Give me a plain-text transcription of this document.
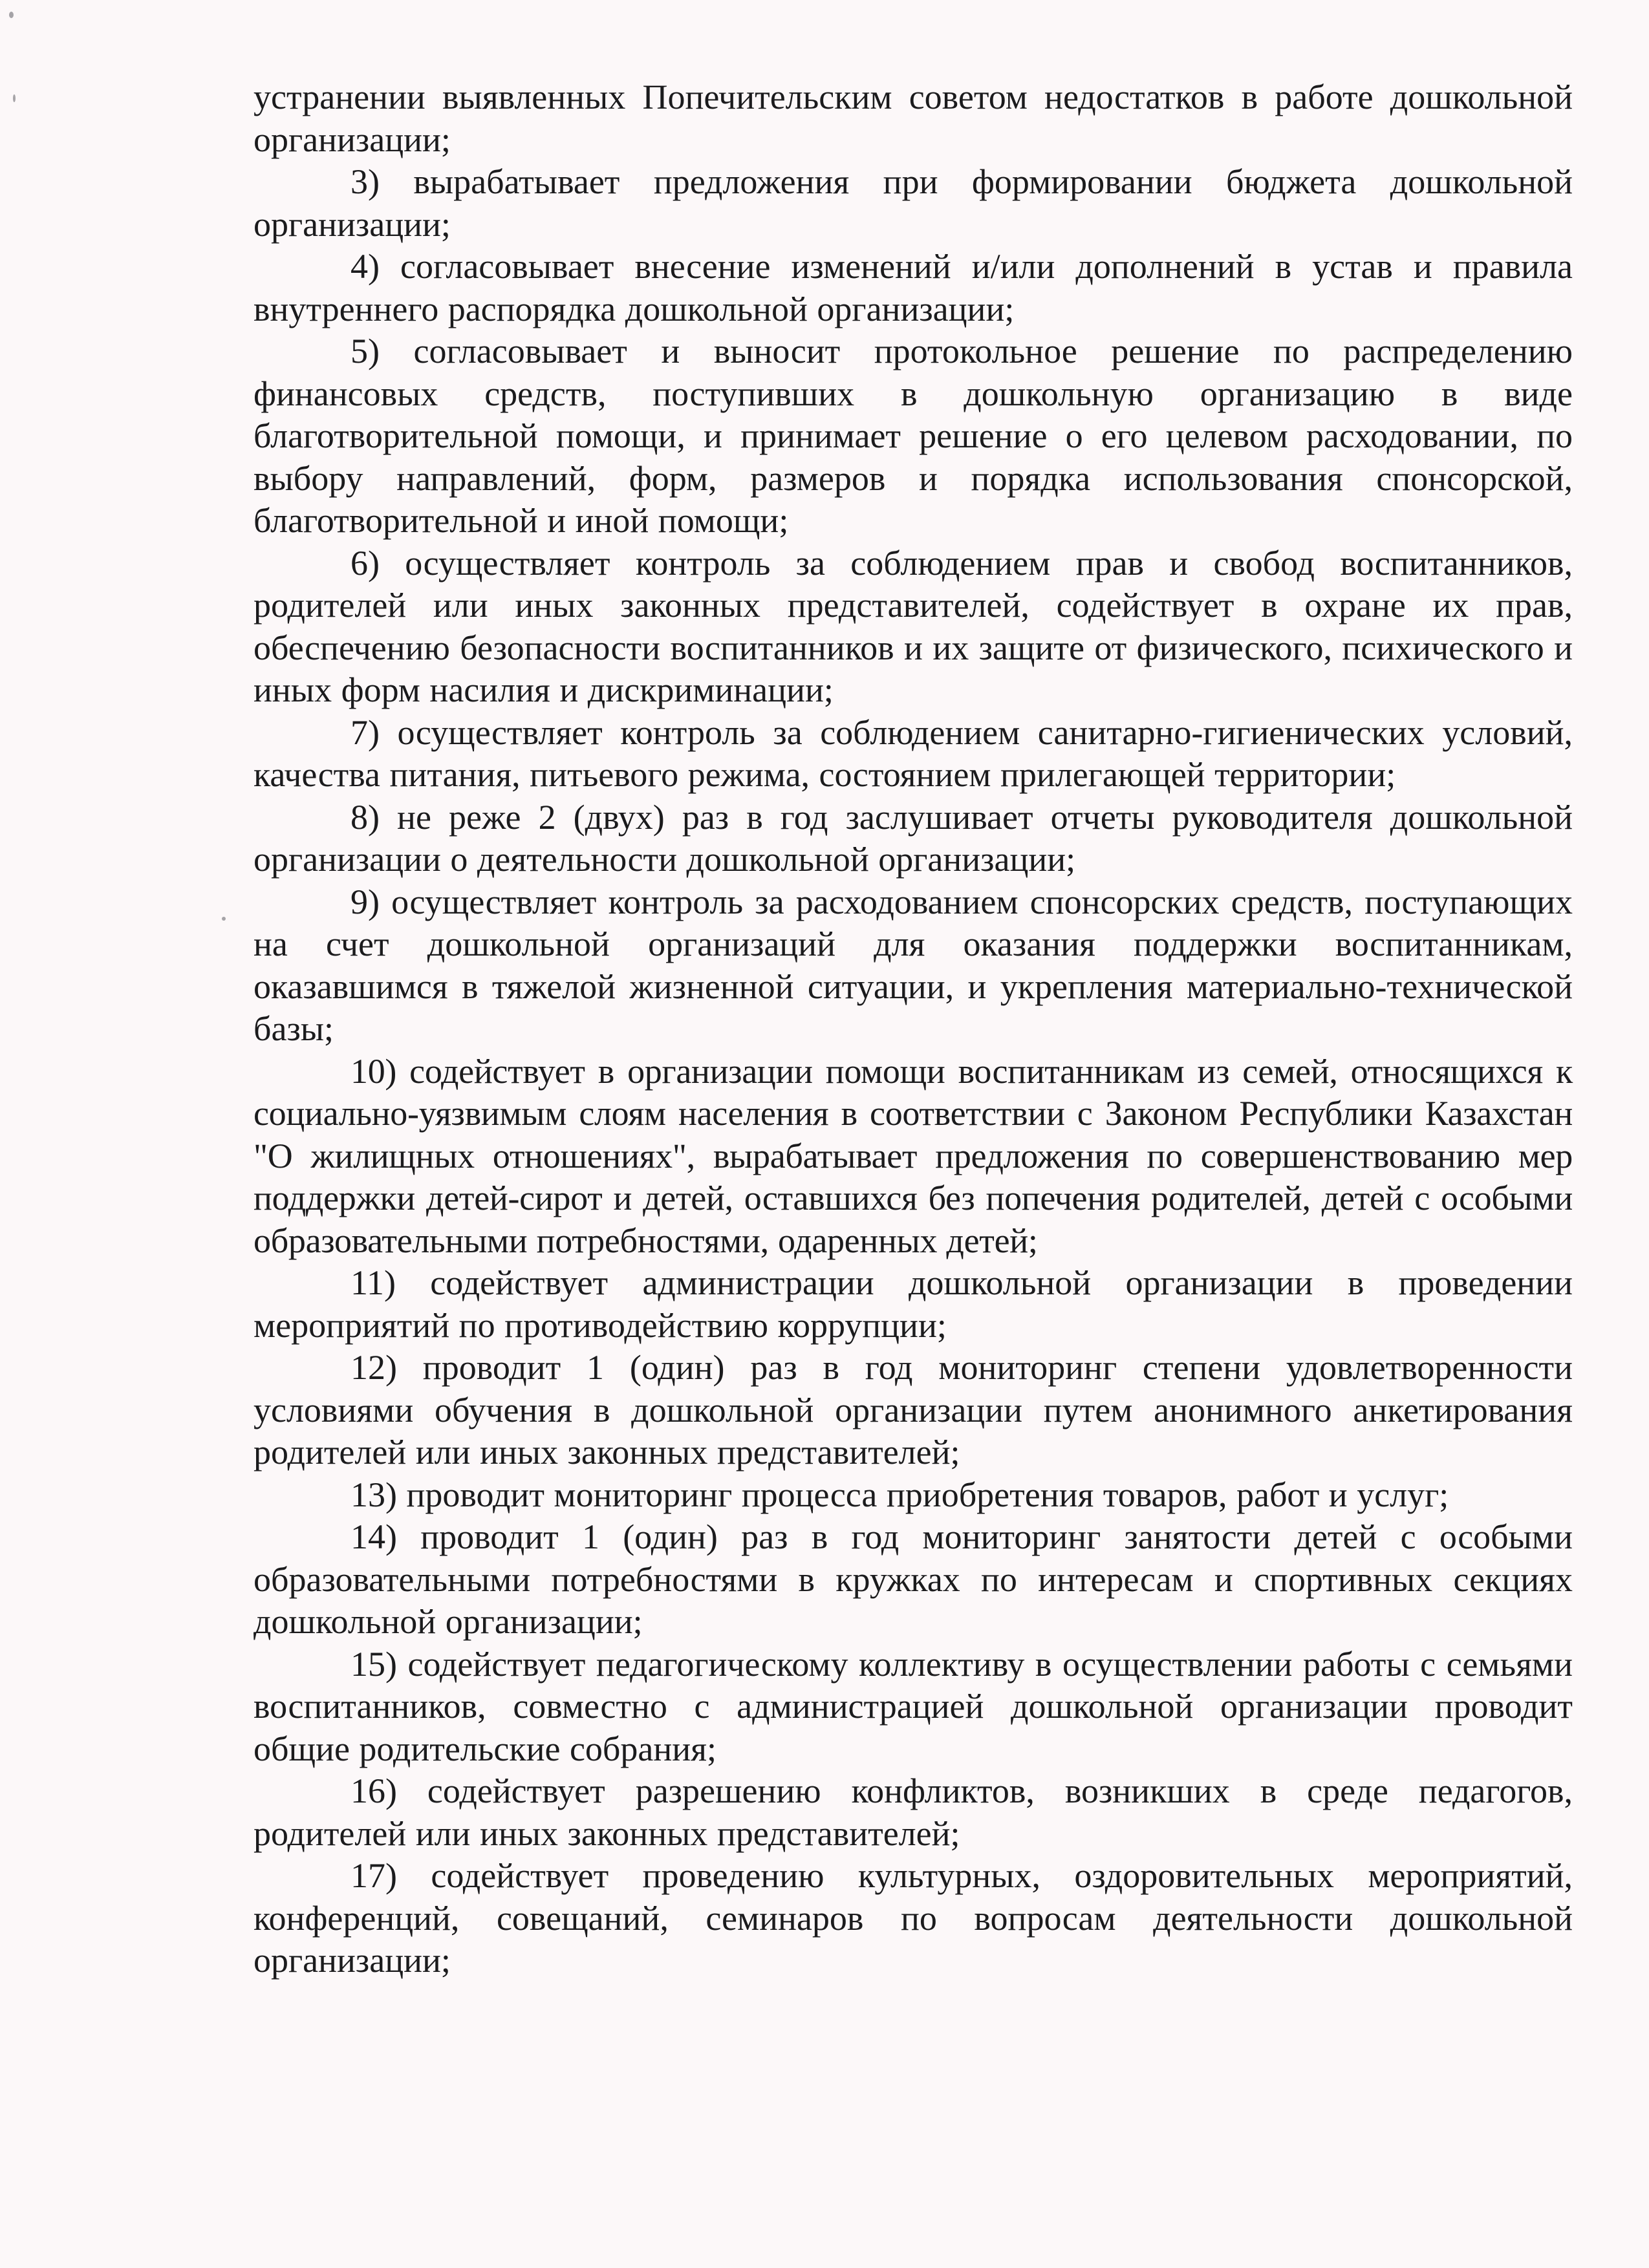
устранении выявленных Попечительским советом недостатков в работе дошкольной организации;

3) вырабатывает предложения при формировании бюджета дошкольной организации;

4) согласовывает внесение изменений и/или дополнений в устав и правила внутреннего распорядка дошкольной организации;

5) согласовывает и выносит протокольное решение по распределению финансовых средств, поступивших в дошкольную организацию в виде благотворительной помощи, и принимает решение о его целевом расходовании, по выбору направлений, форм, размеров и порядка использования спонсорской, благотворительной и иной помощи;

6) осуществляет контроль за соблюдением прав и свобод воспитанников, родителей или иных законных представителей, содействует в охране их прав, обеспечению безопасности воспитанников и их защите от физического, психического и иных форм насилия и дискриминации;

7) осуществляет контроль за соблюдением санитарно-гигиенических условий, качества питания, питьевого режима, состоянием прилегающей территории;

8) не реже 2 (двух) раз в год заслушивает отчеты руководителя дошкольной организации о деятельности дошкольной организации;

9) осуществляет контроль за расходованием спонсорских средств, поступающих на счет дошкольной организаций для оказания поддержки воспитанникам, оказавшимся в тяжелой жизненной ситуации, и укрепления материально-технической базы;

10) содействует в организации помощи воспитанникам из семей, относящихся к социально-уязвимым слоям населения в соответствии с Законом Республики Казахстан "О жилищных отношениях", вырабатывает предложения по совершенствованию мер поддержки детей-сирот и детей, оставшихся без попечения родителей, детей с особыми образовательными потребностями, одаренных детей;

11) содействует администрации дошкольной организации в проведении мероприятий по противодействию коррупции;

12) проводит 1 (один) раз в год мониторинг степени удовлетворенности условиями обучения в дошкольной организации путем анонимного анкетирования родителей или иных законных представителей;

13) проводит мониторинг процесса приобретения товаров, работ и услуг;

14) проводит 1 (один) раз в год мониторинг занятости детей с особыми образовательными потребностями в кружках по интересам и спортивных секциях дошкольной организации;

15) содействует педагогическому коллективу в осуществлении работы с семьями воспитанников, совместно с администрацией дошкольной организации проводит общие родительские собрания;

16) содействует разрешению конфликтов, возникших в среде педагогов, родителей или иных законных представителей;

17) содействует проведению культурных, оздоровительных мероприятий, конференций, совещаний, семинаров по вопросам деятельности дошкольной организации;
